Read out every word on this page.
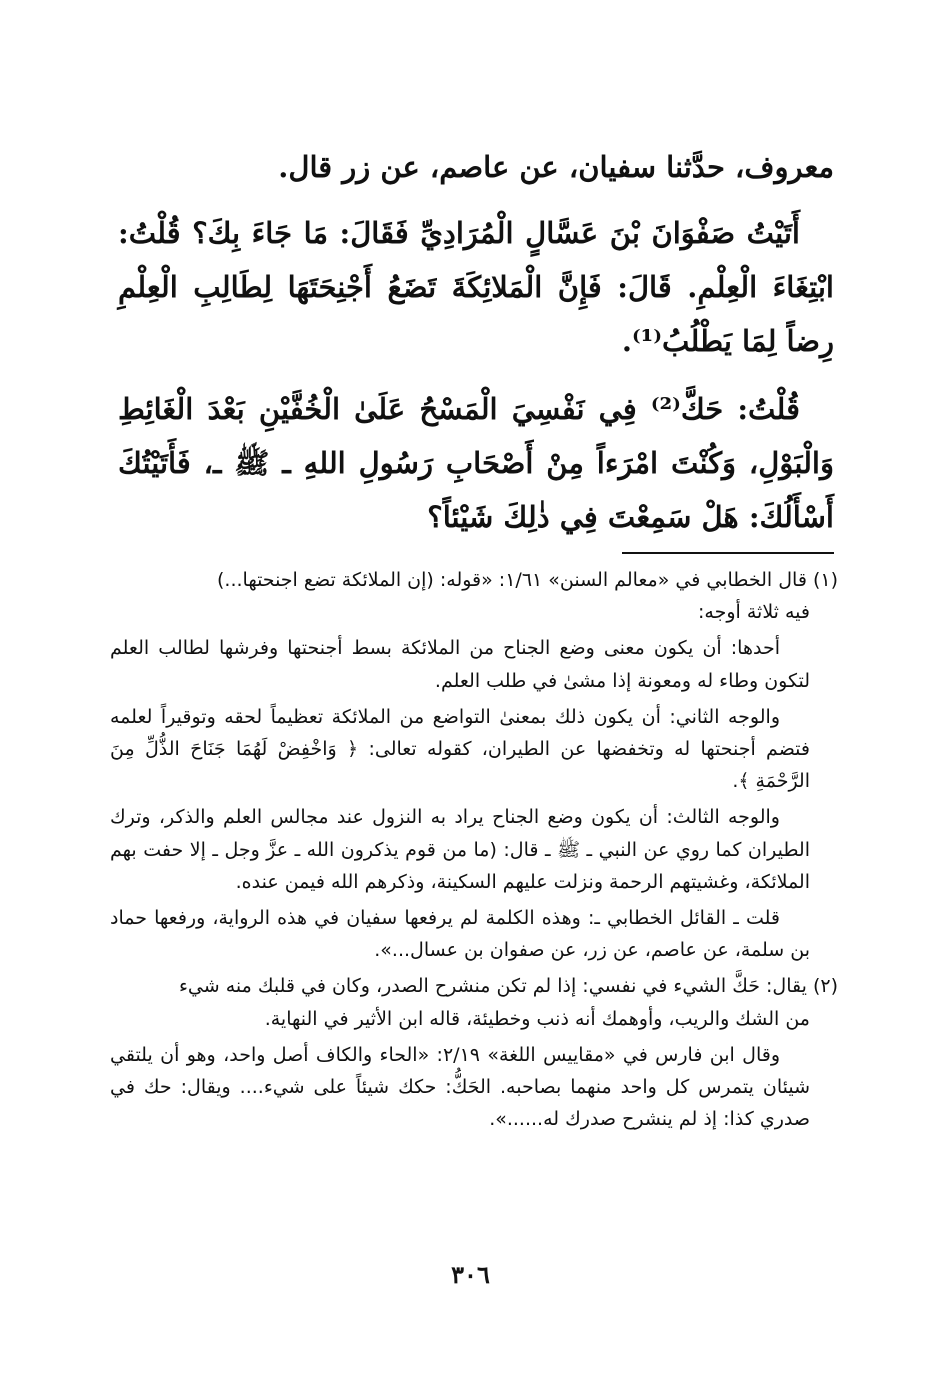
معروف، حدَّثنا سفيان، عن عاصم، عن زر قال.

أَتَيْتُ صَفْوَانَ بْنَ عَسَّالٍ الْمُرَادِيِّ فَقَالَ: مَا جَاءَ بِكَ؟ قُلْتُ: ابْتِغَاءَ الْعِلْمِ. قَالَ: فَإِنَّ الْمَلائِكَةَ تَضَعُ أَجْنِحَتَهَا لِطَالِبِ الْعِلْمِ رِضاً لِمَا يَطْلُبُ⁽¹⁾.

قُلْتُ: حَكَّ⁽²⁾ فِي نَفْسِيَ الْمَسْحُ عَلَىٰ الْخُفَّيْنِ بَعْدَ الْغَائِطِ وَالْبَوْلِ، وَكُنْتَ امْرَءاً مِنْ أَصْحَابِ رَسُولِ اللهِ ـ ﷺ ـ، فَأَتَيْتُكَ أَسْأَلُكَ: هَلْ سَمِعْتَ فِي ذٰلِكَ شَيْئاً؟

(١) قال الخطابي في «معالم السنن» ١/٦١: «قوله: (إن الملائكة تضع اجنحتها...)

فيه ثلاثة أوجه:

أحدها: أن يكون معنى وضع الجناح من الملائكة بسط أجنحتها وفرشها لطالب العلم لتكون وطاء له ومعونة إذا مشىٰ في طلب العلم.

والوجه الثاني: أن يكون ذلك بمعنىٰ التواضع من الملائكة تعظيماً لحقه وتوقيراً لعلمه فتضم أجنحتها له وتخفضها عن الطيران، كقوله تعالى: ﴿ وَاخْفِضْ لَهُمَا جَنَاحَ الذُّلِّ مِنَ الرَّحْمَةِ ﴾.

والوجه الثالث: أن يكون وضع الجناح يراد به النزول عند مجالس العلم والذكر، وترك الطيران كما روي عن النبي ـ ﷺ ـ قال: (ما من قوم يذكرون الله ـ عزَّ وجل ـ إلا حفت بهم الملائكة، وغشيتهم الرحمة ونزلت عليهم السكينة، وذكرهم الله فيمن عنده.

قلت ـ القائل الخطابي ـ: وهذه الكلمة لم يرفعها سفيان في هذه الرواية، ورفعها حماد بن سلمة، عن عاصم، عن زر، عن صفوان بن عسال...».

(٢) يقال: حَكَّ الشيء في نفسي: إذا لم تكن منشرح الصدر، وكان في قلبك منه شيء

من الشك والريب، وأوهمك أنه ذنب وخطيئة، قاله ابن الأثير في النهاية.

وقال ابن فارس في «مقاييس اللغة» ٢/١٩: «الحاء والكاف أصل واحد، وهو أن يلتقي شيئان يتمرس كل واحد منهما بصاحبه. الحَكُّ: حكك شيئاً على شيء.... ويقال: حك في صدري كذا: إذ لم ينشرح صدرك له......».

٣٠٦
